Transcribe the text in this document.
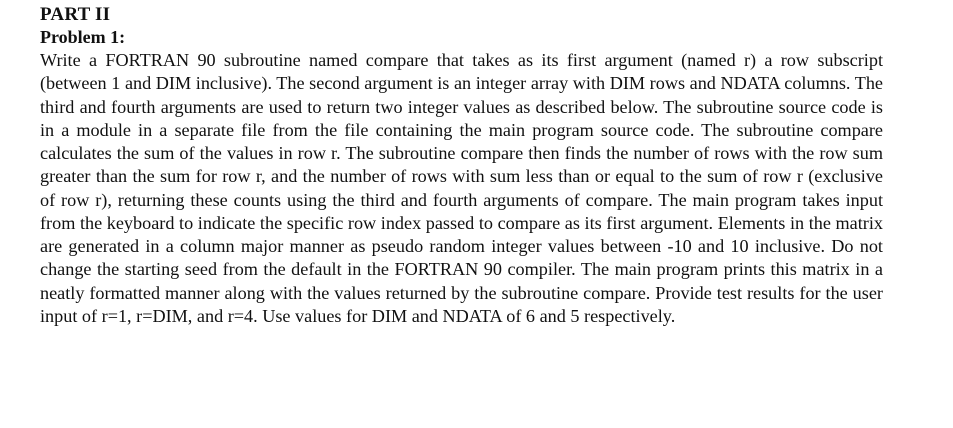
PART II
Problem 1:

Write a FORTRAN 90 subroutine named compare that takes as its first argument (named r) a row subscript (between 1 and DIM inclusive). The second argument is an integer array with DIM rows and NDATA columns. The third and fourth arguments are used to return two integer values as described below. The subroutine source code is in a module in a separate file from the file containing the main program source code. The subroutine compare calculates the sum of the values in row r. The subroutine compare then finds the number of rows with the row sum greater than the sum for row r, and the number of rows with sum less than or equal to the sum of row r (exclusive of row r), returning these counts using the third and fourth arguments of compare. The main program takes input from the keyboard to indicate the specific row index passed to compare as its first argument. Elements in the matrix are generated in a column major manner as pseudo random integer values between -10 and 10 inclusive. Do not change the starting seed from the default in the FORTRAN 90 compiler. The main program prints this matrix in a neatly formatted manner along with the values returned by the subroutine compare. Provide test results for the user input of r=1, r=DIM, and r=4. Use values for DIM and NDATA of 6 and 5 respectively.
